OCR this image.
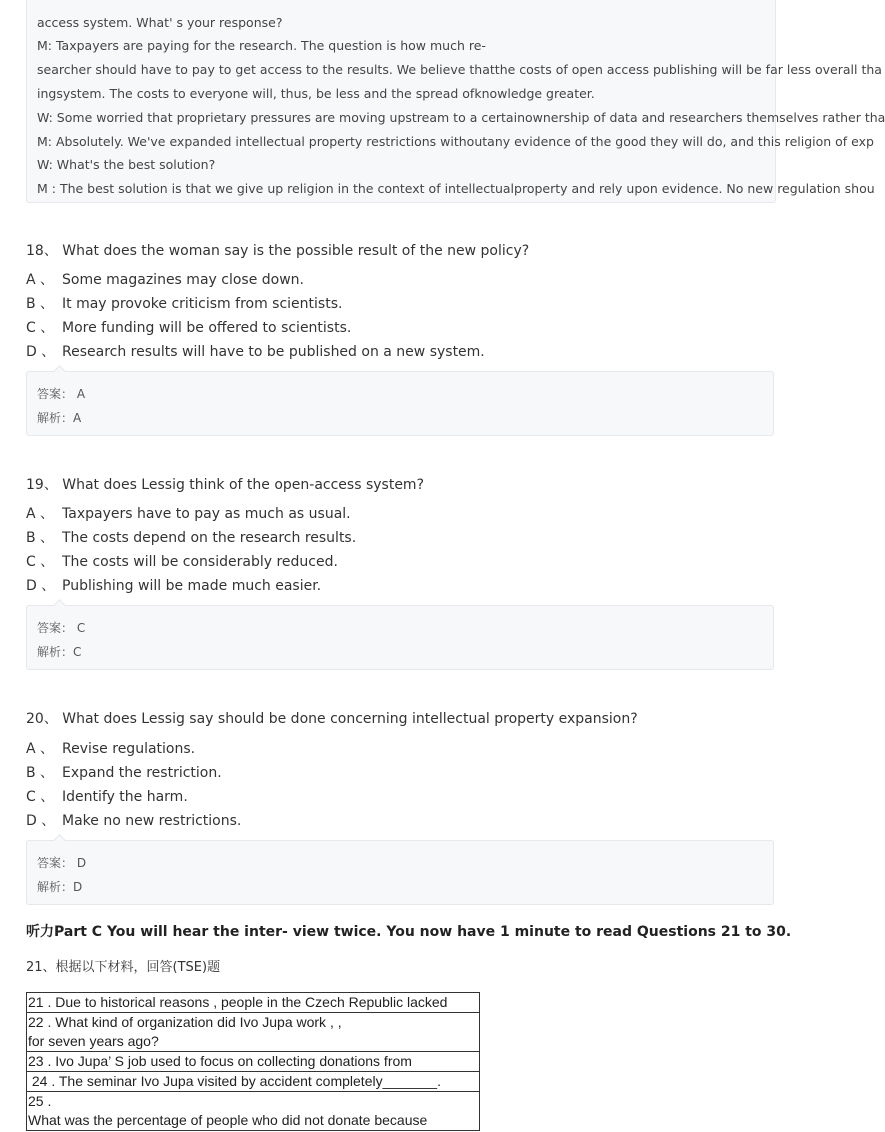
access system. What' s your response?
M: Taxpayers are paying for the research. The question is how much re-
searcher should have to pay to get access to the results. We believe thatthe costs of open access publishing will be far less overall tha
ingsystem. The costs to everyone will, thus, be less and the spread ofknowledge greater.
W: Some worried that proprietary pressures are moving upstream to a certainownership of data and researchers themselves rather tha
M: Absolutely. We've expanded intellectual property restrictions withoutany evidence of the good they will do, and this religion of exp
W: What's the best solution?
M : The best solution is that we give up religion in the context of intellectualproperty and rely upon evidence. No new regulation shou
18、 What does the woman say is the possible result of the new policy?
A 、 Some magazines may close down.
B 、 It may provoke criticism from scientists.
C 、 More funding will be offered to scientists.
D 、 Research results will have to be published on a new system.
答案： A
解析：A
19、 What does Lessig think of the open-access system?
A 、 Taxpayers have to pay as much as usual.
B 、 The costs depend on the research results.
C 、 The costs will be considerably reduced.
D 、 Publishing will be made much easier.
答案： C
解析：C
20、 What does Lessig say should be done concerning intellectual property expansion?
A 、 Revise regulations.
B 、 Expand the restriction.
C 、 Identify the harm.
D 、 Make no new restrictions.
答案： D
解析：D
听力Part C You will hear the inter- view twice. You now have 1 minute to read Questions 21 to 30.
21、根据以下材料，回答(TSE)题
21 . Due to historical reasons , people in the Czech Republic lacked

22 . What kind of organization did Ivo Jupa work , ,
for seven years ago?

23 . Ivo Jupa’ S job used to focus on collecting donations from
24 . The seminar Ivo Jupa visited by accident completely_______.

25 .
What was the percentage of people who did not donate because
